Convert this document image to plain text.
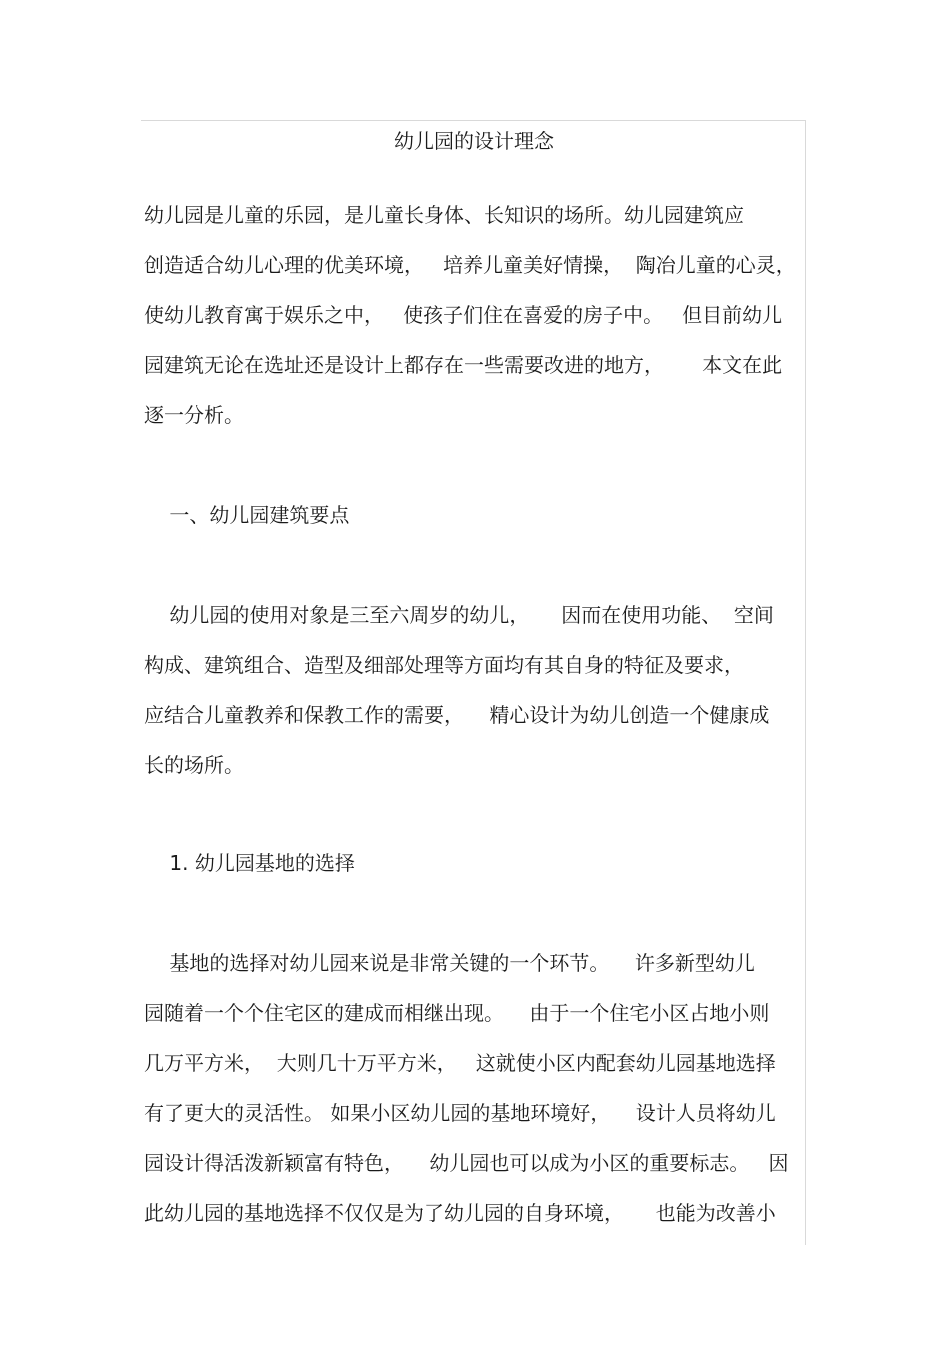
幼儿园的设计理念
幼儿园是儿童的乐园，是儿童长身体、长知识的场所。幼儿园建筑应
创造适合幼儿心理的优美环境，   培养儿童美好情操，  陶冶儿童的心灵，
使幼儿教育寓于娱乐之中，   使孩子们住在喜爱的房子中。   但目前幼儿
园建筑无论在选址还是设计上都存在一些需要改进的地方，      本文在此
逐一分析。
一、幼儿园建筑要点
幼儿园的使用对象是三至六周岁的幼儿，     因而在使用功能、  空间
构成、建筑组合、造型及细部处理等方面均有其自身的特征及要求，
应结合儿童教养和保教工作的需要，    精心设计为幼儿创造一个健康成
长的场所。
1. 幼儿园基地的选择
基地的选择对幼儿园来说是非常关键的一个环节。    许多新型幼儿
园随着一个个住宅区的建成而相继出现。    由于一个住宅小区占地小则
几万平方米，  大则几十万平方米，   这就使小区内配套幼儿园基地选择
有了更大的灵活性。 如果小区幼儿园的基地环境好，    设计人员将幼儿
园设计得活泼新颖富有特色，    幼儿园也可以成为小区的重要标志。   因
此幼儿园的基地选择不仅仅是为了幼儿园的自身环境，     也能为改善小
